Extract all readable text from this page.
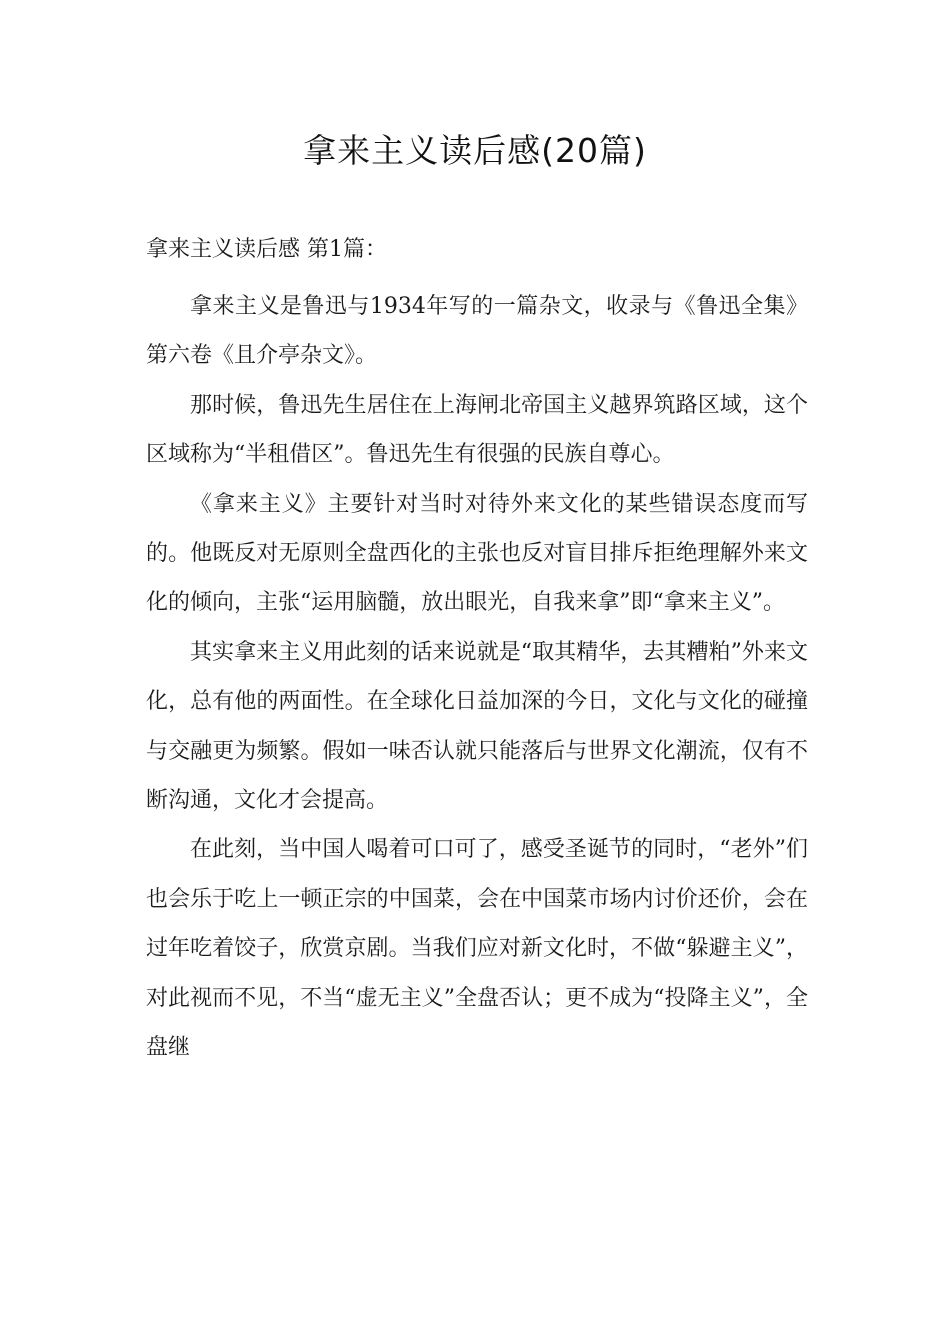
拿来主义读后感(20篇)
拿来主义读后感 第1篇：

拿来主义是鲁迅与1934年写的一篇杂文，收录与《鲁迅全集》第六卷《且介亭杂文》。

那时候，鲁迅先生居住在上海闸北帝国主义越界筑路区域，这个区域称为“半租借区”。鲁迅先生有很强的民族自尊心。

《拿来主义》主要针对当时对待外来文化的某些错误态度而写的。他既反对无原则全盘西化的主张也反对盲目排斥拒绝理解外来文化的倾向，主张“运用脑髓，放出眼光，自我来拿”即“拿来主义”。

其实拿来主义用此刻的话来说就是“取其精华，去其糟粕”外来文化，总有他的两面性。在全球化日益加深的今日，文化与文化的碰撞与交融更为频繁。假如一味否认就只能落后与世界文化潮流，仅有不断沟通，文化才会提高。

在此刻，当中国人喝着可口可了，感受圣诞节的同时，“老外”们也会乐于吃上一顿正宗的中国菜，会在中国菜市场内讨价还价，会在过年吃着饺子，欣赏京剧。当我们应对新文化时，不做“躲避主义”，对此视而不见，不当“虚无主义”全盘否认；更不成为“投降主义”，全盘继
